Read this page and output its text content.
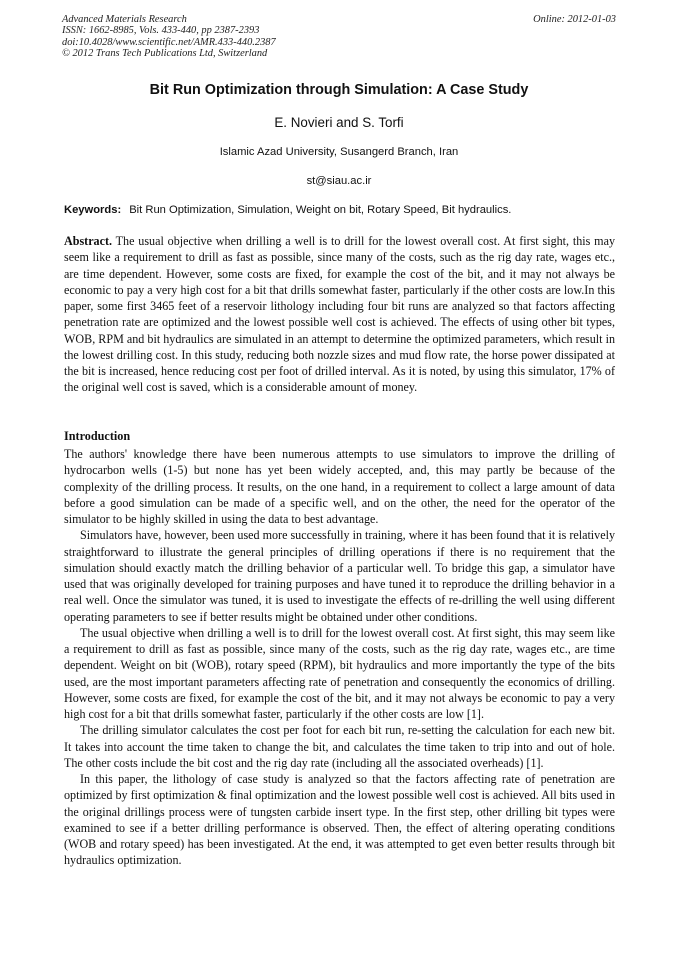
Advanced Materials Research
ISSN: 1662-8985, Vols. 433-440, pp 2387-2393
doi:10.4028/www.scientific.net/AMR.433-440.2387
© 2012 Trans Tech Publications Ltd, Switzerland
Online: 2012-01-03
Bit Run Optimization through Simulation: A Case Study
E. Novieri and S. Torfi
Islamic Azad University, Susangerd Branch, Iran
st@siau.ac.ir
Keywords: Bit Run Optimization, Simulation, Weight on bit, Rotary Speed, Bit hydraulics.
Abstract. The usual objective when drilling a well is to drill for the lowest overall cost. At first sight, this may seem like a requirement to drill as fast as possible, since many of the costs, such as the rig day rate, wages etc., are time dependent. However, some costs are fixed, for example the cost of the bit, and it may not always be economic to pay a very high cost for a bit that drills somewhat faster, particularly if the other costs are low.In this paper, some first 3465 feet of a reservoir lithology including four bit runs are analyzed so that factors affecting penetration rate are optimized and the lowest possible well cost is achieved. The effects of using other bit types, WOB, RPM and bit hydraulics are simulated in an attempt to determine the optimized parameters, which result in the lowest drilling cost. In this study, reducing both nozzle sizes and mud flow rate, the horse power dissipated at the bit is increased, hence reducing cost per foot of drilled interval. As it is noted, by using this simulator, 17% of the original well cost is saved, which is a considerable amount of money.
Introduction

The authors' knowledge there have been numerous attempts to use simulators to improve the drilling of hydrocarbon wells (1-5) but none has yet been widely accepted, and, this may partly be because of the complexity of the drilling process. It results, on the one hand, in a requirement to collect a large amount of data before a good simulation can be made of a specific well, and on the other, the need for the operator of the simulator to be highly skilled in using the data to best advantage.

Simulators have, however, been used more successfully in training, where it has been found that it is relatively straightforward to illustrate the general principles of drilling operations if there is no requirement that the simulation should exactly match the drilling behavior of a particular well. To bridge this gap, a simulator have used that was originally developed for training purposes and have tuned it to reproduce the drilling behavior in a real well. Once the simulator was tuned, it is used to investigate the effects of re-drilling the well using different operating parameters to see if better results might be obtained under other conditions.

The usual objective when drilling a well is to drill for the lowest overall cost. At first sight, this may seem like a requirement to drill as fast as possible, since many of the costs, such as the rig day rate, wages etc., are time dependent. Weight on bit (WOB), rotary speed (RPM), bit hydraulics and more importantly the type of the bits used, are the most important parameters affecting rate of penetration and consequently the economics of drilling. However, some costs are fixed, for example the cost of the bit, and it may not always be economic to pay a very high cost for a bit that drills somewhat faster, particularly if the other costs are low [1].

The drilling simulator calculates the cost per foot for each bit run, re-setting the calculation for each new bit. It takes into account the time taken to change the bit, and calculates the time taken to trip into and out of hole. The other costs include the bit cost and the rig day rate (including all the associated overheads) [1].

In this paper, the lithology of case study is analyzed so that the factors affecting rate of penetration are optimized by first optimization & final optimization and the lowest possible well cost is achieved. All bits used in the original drillings process were of tungsten carbide insert type. In the first step, other drilling bit types were examined to see if a better drilling performance is observed. Then, the effect of altering operating conditions (WOB and rotary speed) has been investigated. At the end, it was attempted to get even better results through bit hydraulics optimization.
